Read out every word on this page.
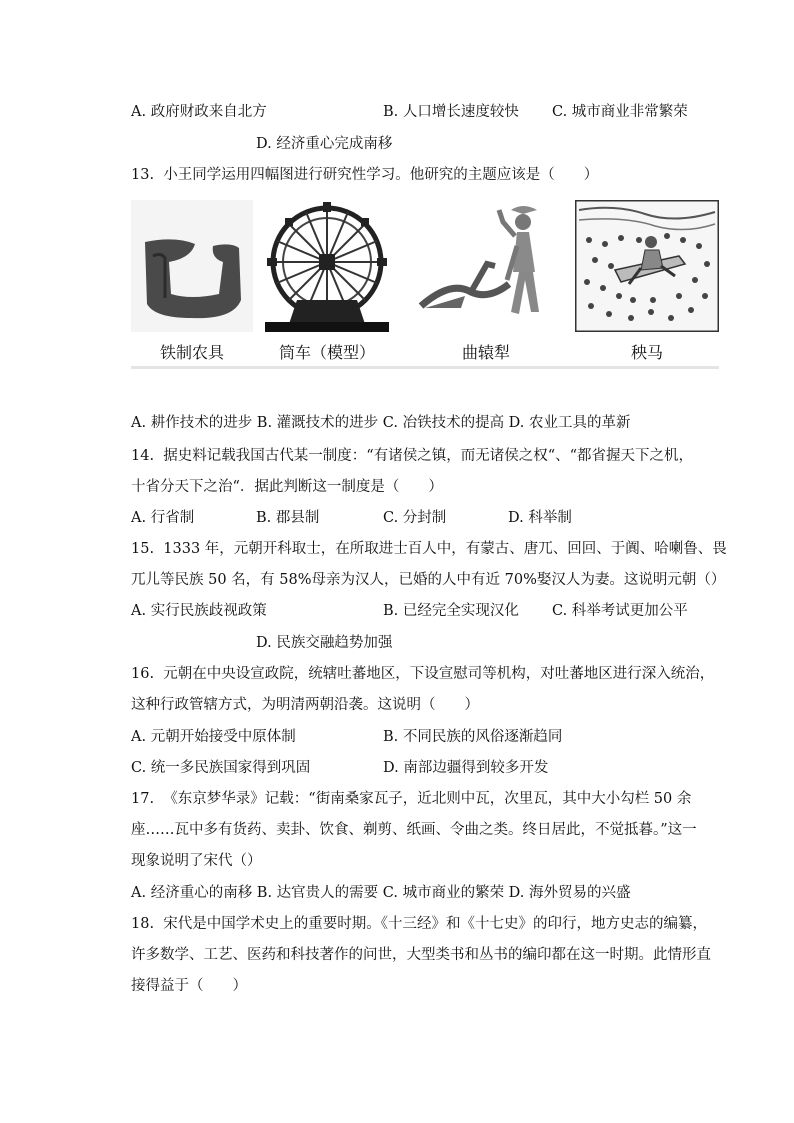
A. 政府财政来自北方	B. 人口增长速度较快 C. 城市商业非常繁荣
D. 经济重心完成南移
13.  小王同学运用四幅图进行研究性学习。他研究的主题应该是（　　）
铁制农具	筒车（模型）	曲辕犁	秧马
A. 耕作技术的进步 B. 灌溉技术的进步 C. 冶铁技术的提高 D. 农业工具的革新
14.  据史料记载我国古代某一制度：“有诸侯之镇，而无诸侯之权“、“都省握天下之机，
十省分天下之治“．据此判断这一制度是（　　）
A. 行省制	B. 郡县制	C. 分封制	D. 科举制
15.  1333 年，元朝开科取士，在所取进士百人中，有蒙古、唐兀、回回、于阗、哈喇鲁、畏
兀儿等民族 50 名，有 58%母亲为汉人，已婚的人中有近 70%娶汉人为妻。这说明元朝（）
A. 实行民族歧视政策	B. 已经完全实现汉化 C. 科举考试更加公平
D. 民族交融趋势加强
16.  元朝在中央设宣政院，统辖吐蕃地区，下设宣慰司等机构，对吐蕃地区进行深入统治，
这种行政管辖方式，为明清两朝沿袭。这说明（　　）
A. 元朝开始接受中原体制	B. 不同民族的风俗逐渐趋同
C. 统一多民族国家得到巩固	D. 南部边疆得到较多开发
17.  《东京梦华录》记载：“街南桑家瓦子，近北则中瓦，次里瓦，其中大小勾栏 50 余
座……瓦中多有货药、卖卦、饮食、剃剪、纸画、令曲之类。终日居此，不觉抵暮。”这一
现象说明了宋代（）
A. 经济重心的南移 B. 达官贵人的需要 C. 城市商业的繁荣 D. 海外贸易的兴盛
18.  宋代是中国学术史上的重要时期。《十三经》和《十七史》的印行，地方史志的编纂，
许多数学、工艺、医药和科技著作的问世，大型类书和丛书的编印都在这一时期。此情形直
接得益于（　　）
